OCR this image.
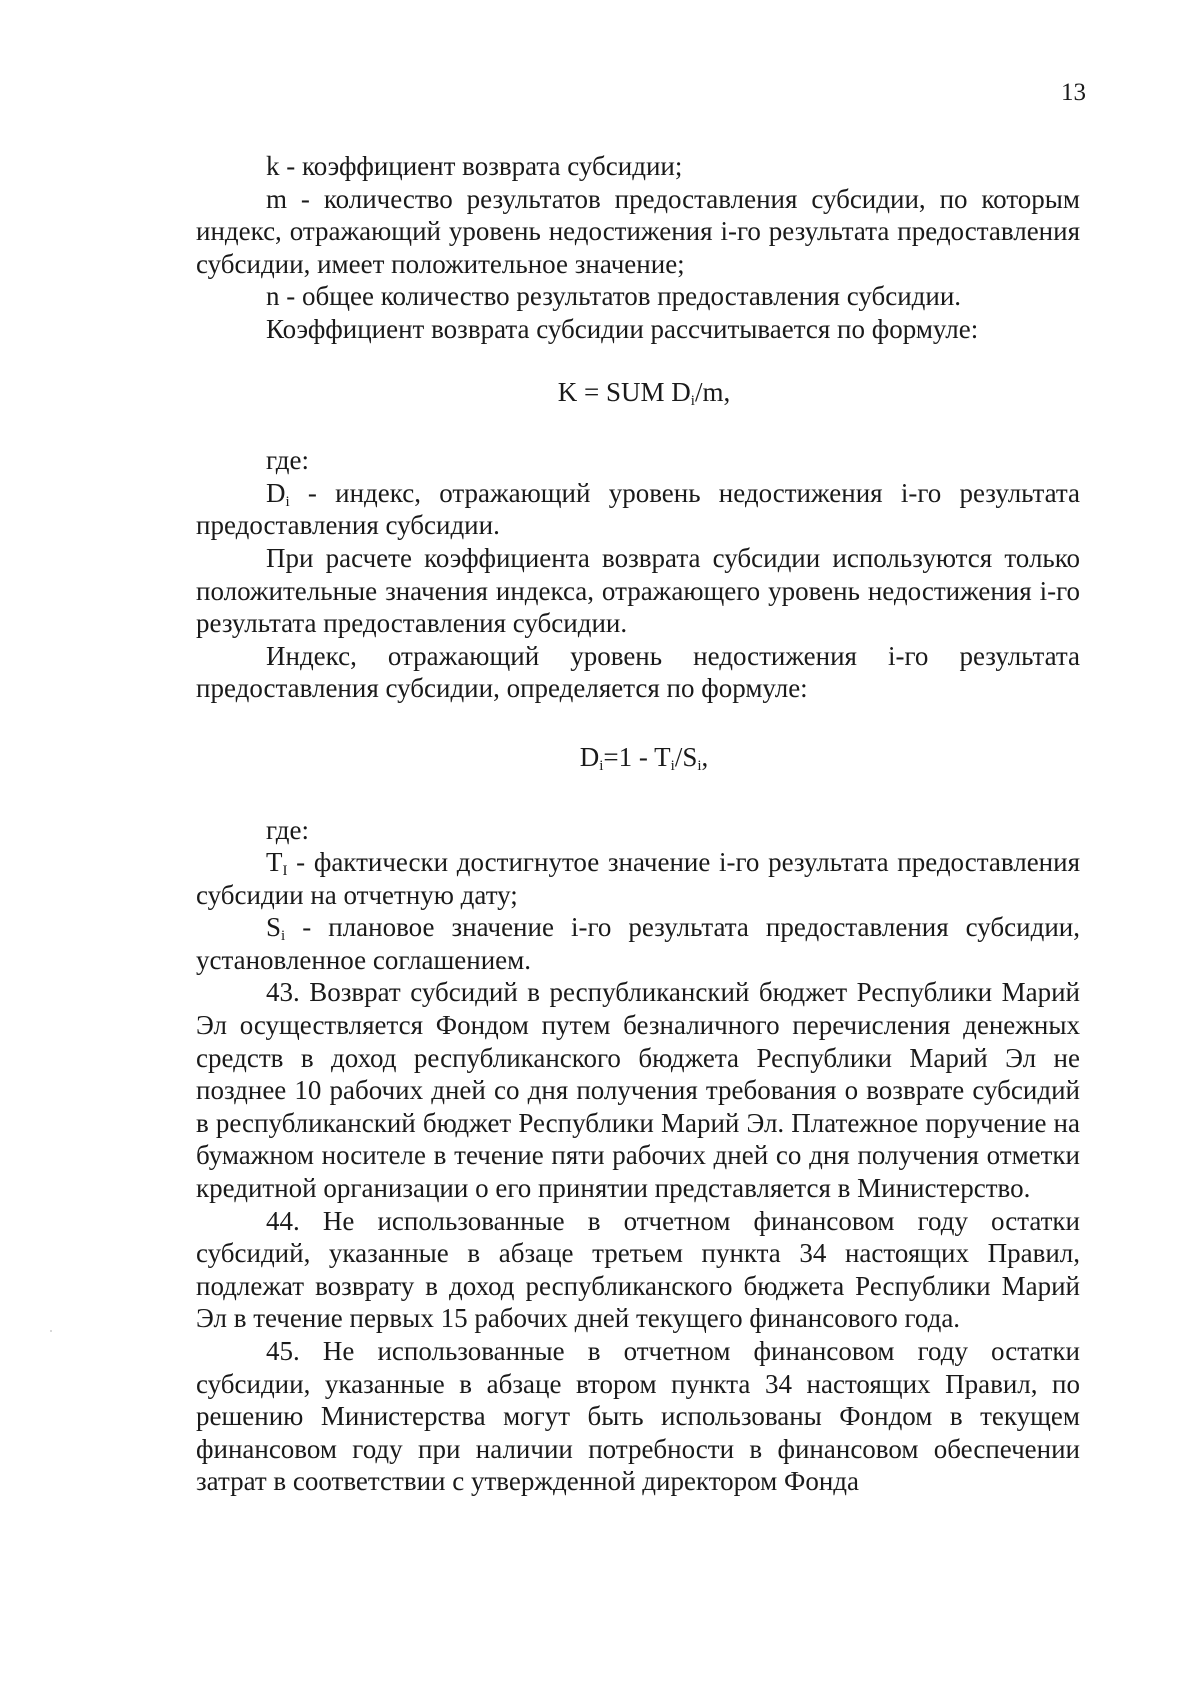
13

k - коэффициент возврата субсидии;

m - количество результатов предоставления субсидии, по которым индекс, отражающий уровень недостижения i-го результата предоставления субсидии, имеет положительное значение;

n - общее количество результатов предоставления субсидии.

Коэффициент возврата субсидии рассчитывается по формуле:

K = SUM $D_i/m$,

где:

$D_i$ - индекс, отражающий уровень недостижения i-го результата предоставления субсидии.

При расчете коэффициента возврата субсидии используются только положительные значения индекса, отражающего уровень недостижения i-го результата предоставления субсидии.

Индекс, отражающий уровень недостижения i-го результата предоставления субсидии, определяется по формуле:

$D_i=1 - T_i/S_i$,

где:

$T_I$ - фактически достигнутое значение i-го результата предоставления субсидии на отчетную дату;

$S_i$ - плановое значение i-го результата предоставления субсидии, установленное соглашением.

43. Возврат субсидий в республиканский бюджет Республики Марий Эл осуществляется Фондом путем безналичного перечисления денежных средств в доход республиканского бюджета Республики Марий Эл не позднее 10 рабочих дней со дня получения требования о возврате субсидий в республиканский бюджет Республики Марий Эл. Платежное поручение на бумажном носителе в течение пяти рабочих дней со дня получения отметки кредитной организации о его принятии представляется в Министерство.

44. Не использованные в отчетном финансовом году остатки субсидий, указанные в абзаце третьем пункта 34 настоящих Правил, подлежат возврату в доход республиканского бюджета Республики Марий Эл в течение первых 15 рабочих дней текущего финансового года.

45. Не использованные в отчетном финансовом году остатки субсидии, указанные в абзаце втором пункта 34 настоящих Правил, по решению Министерства могут быть использованы Фондом в текущем финансовом году при наличии потребности в финансовом обеспечении затрат в соответствии с утвержденной директором Фонда
